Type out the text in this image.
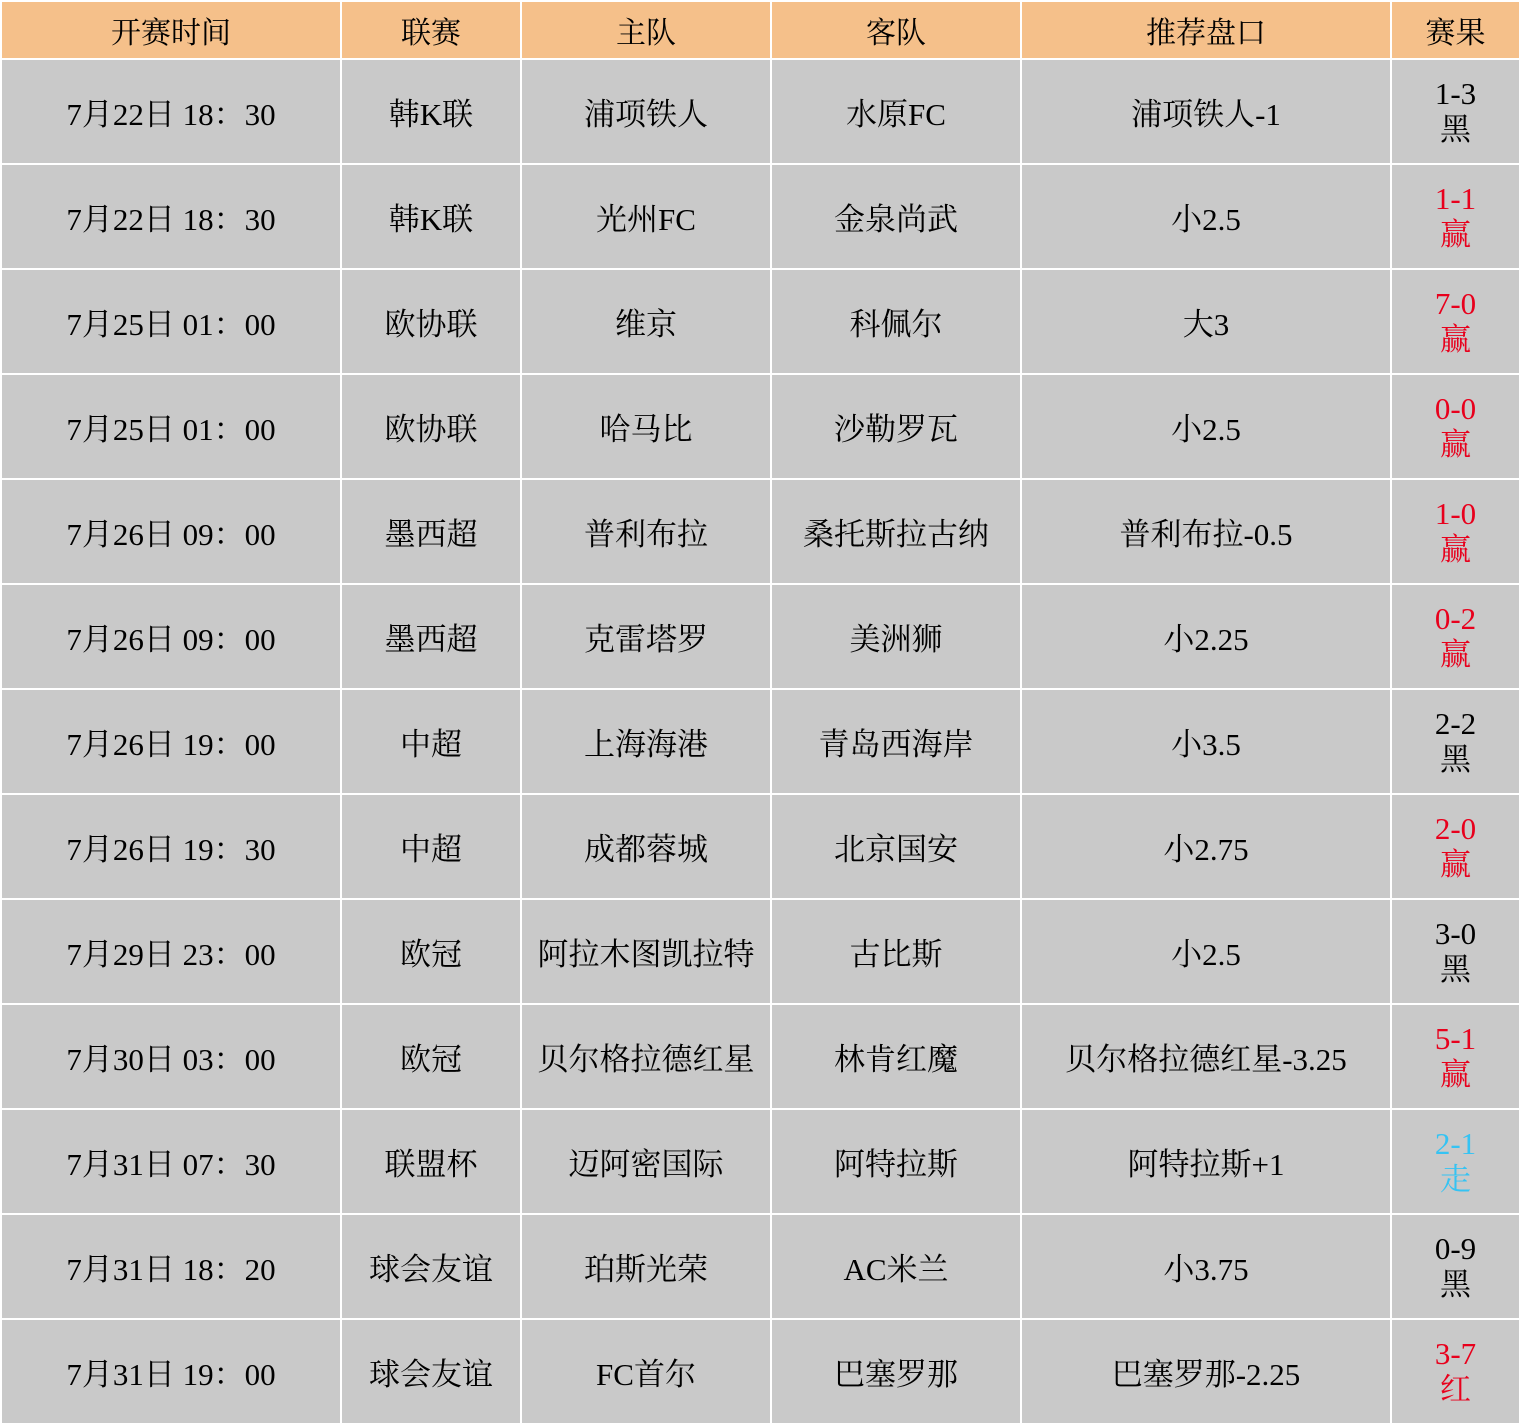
开赛时间	联赛	主队	客队	推荐盘口	赛果
7月22日 18：30	韩K联	浦项铁人	水原FC	浦项铁人-1	1-3
黑

7月22日 18：30	韩K联	光州FC	金泉尚武	小2.5	1-1
赢

7月25日 01：00	欧协联	维京	科佩尔	大3	7-0
赢

7月25日 01：00	欧协联	哈马比	沙勒罗瓦	小2.5	0-0
赢

7月26日 09：00	墨西超	普利布拉	桑托斯拉古纳	普利布拉-0.5	1-0
赢

7月26日 09：00	墨西超	克雷塔罗	美洲狮	小2.25	0-2
赢

7月26日 19：00	中超	上海海港	青岛西海岸	小3.5	2-2
黑

7月26日 19：30	中超	成都蓉城	北京国安	小2.75	2-0
赢

7月29日 23：00	欧冠	阿拉木图凯拉特	古比斯	小2.5	3-0
黑

7月30日 03：00	欧冠	贝尔格拉德红星	林肯红魔	贝尔格拉德红星-3.25	5-1
赢

7月31日 07：30	联盟杯	迈阿密国际	阿特拉斯	阿特拉斯+1	2-1
走

7月31日 18：20	球会友谊	珀斯光荣	AC米兰	小3.75	0-9
黑

7月31日 19：00	球会友谊	FC首尔	巴塞罗那	巴塞罗那-2.25	3-7
红
